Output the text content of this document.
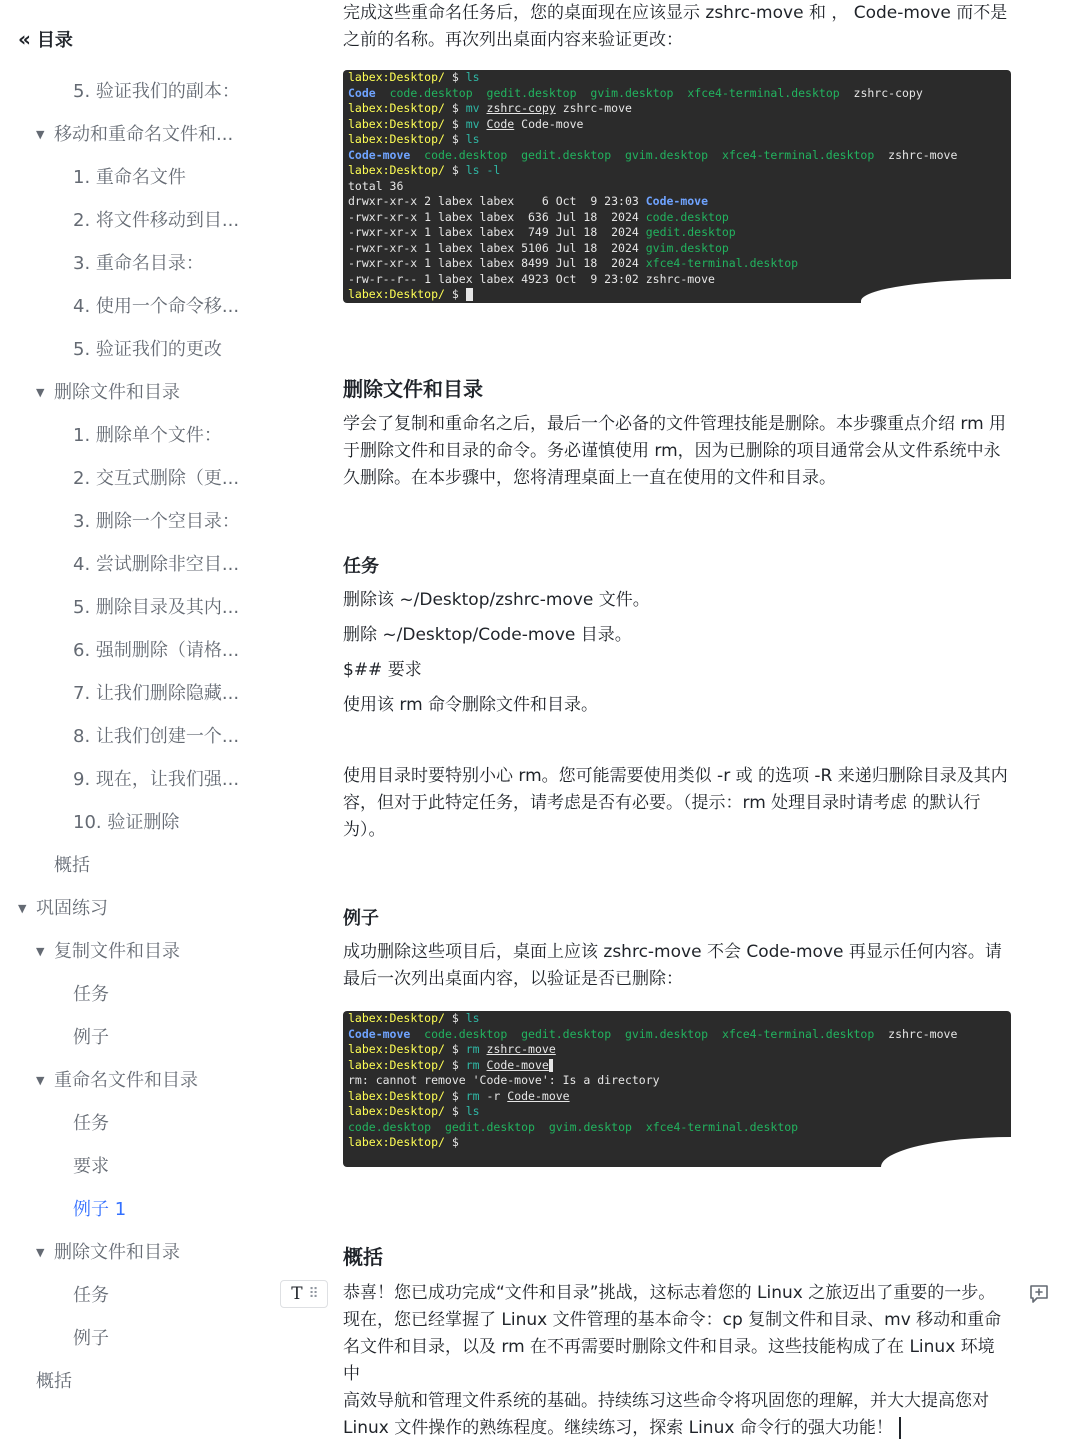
« 目录
5. 验证我们的副本：
▼ 移动和重命名文件和...
1. 重命名文件
2. 将文件移动到目...
3. 重命名目录：
4. 使用一个命令移...
5. 验证我们的更改
▼ 删除文件和目录
1. 删除单个文件：
2. 交互式删除（更...
3. 删除一个空目录：
4. 尝试删除非空目...
5. 删除目录及其内...
6. 强制删除（请格...
7. 让我们删除隐藏...
8. 让我们创建一个...
9. 现在，让我们强...
10. 验证删除
概括
▼ 巩固练习
▼ 复制文件和目录
任务
例子
▼ 重命名文件和目录
任务
要求
例子 1
▼ 删除文件和目录
任务
例子
概括
完成这些重命名任务后，您的桌面现在应该显示 zshrc-move 和 ， Code-move 而不是
之前的名称。再次列出桌面内容来验证更改：
labex:Desktop/ $ ls
Code code.desktop gedit.desktop gvim.desktop xfce4-terminal.desktop zshrc-copy
labex:Desktop/ $ mv zshrc-copy zshrc-move
labex:Desktop/ $ mv Code Code-move
labex:Desktop/ $ ls
Code-move code.desktop gedit.desktop gvim.desktop xfce4-terminal.desktop zshrc-move
labex:Desktop/ $ ls -l
total 36
drwxr-xr-x 2 labex labex    6 Oct  9 23:03 Code-move
-rwxr-xr-x 1 labex labex  636 Jul 18  2024 code.desktop
-rwxr-xr-x 1 labex labex  749 Jul 18  2024 gedit.desktop
-rwxr-xr-x 1 labex labex 5106 Jul 18  2024 gvim.desktop
-rwxr-xr-x 1 labex labex 8499 Jul 18  2024 xfce4-terminal.desktop
-rw-r--r-- 1 labex labex 4923 Oct  9 23:02 zshrc-move
labex:Desktop/ $
删除文件和目录
学会了复制和重命名之后，最后一个必备的文件管理技能是删除。本步骤重点介绍 rm 用
于删除文件和目录的命令。务必谨慎使用 rm，因为已删除的项目通常会从文件系统中永
久删除。在本步骤中，您将清理桌面上一直在使用的文件和目录。
任务
删除该 ~/Desktop/zshrc-move 文件。
删除 ~/Desktop/Code-move 目录。
$## 要求
使用该 rm 命令删除文件和目录。
使用目录时要特别小心 rm。您可能需要使用类似 -r 或 的选项 -R 来递归删除目录及其内
容，但对于此特定任务，请考虑是否有必要。（提示：rm 处理目录时请考虑 的默认行
为）。
例子
成功删除这些项目后，桌面上应该 zshrc-move 不会 Code-move 再显示任何内容。请
最后一次列出桌面内容，以验证是否已删除：
labex:Desktop/ $ ls
Code-move code.desktop gedit.desktop gvim.desktop xfce4-terminal.desktop zshrc-move
labex:Desktop/ $ rm zshrc-move
labex:Desktop/ $ rm Code-move
rm: cannot remove 'Code-move': Is a directory
labex:Desktop/ $ rm -r Code-move
labex:Desktop/ $ ls
code.desktop gedit.desktop gvim.desktop xfce4-terminal.desktop
labex:Desktop/ $
概括
恭喜！您已成功完成“文件和目录”挑战，这标志着您的 Linux 之旅迈出了重要的一步。
现在，您已经掌握了 Linux 文件管理的基本命令：cp 复制文件和目录、mv 移动和重命
名文件和目录，以及 rm 在不再需要时删除文件和目录。这些技能构成了在 Linux 环境中
高效导航和管理文件系统的基础。持续练习这些命令将巩固您的理解，并大大提高您对
Linux 文件操作的熟练程度。继续练习，探索 Linux 命令行的强大功能！
T ⠿
